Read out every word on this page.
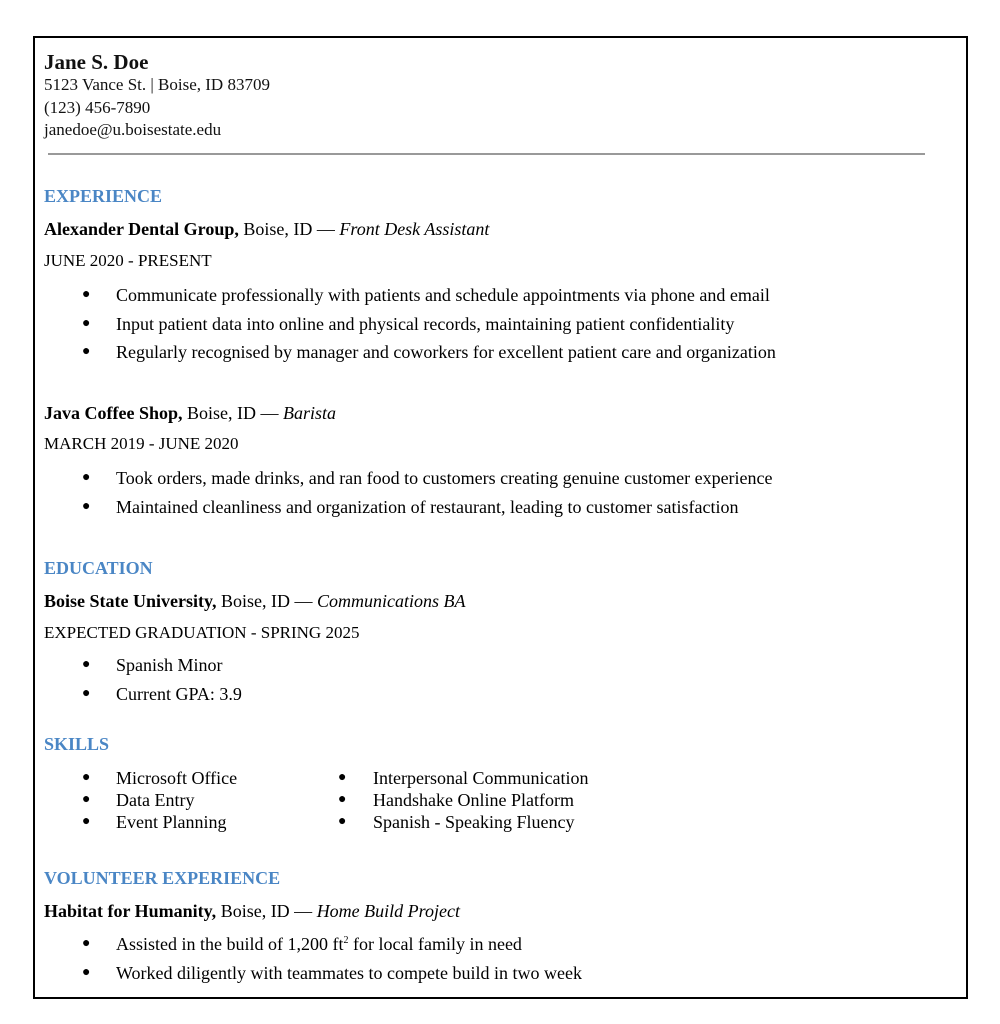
Jane S. Doe
5123 Vance St. | Boise, ID 83709
(123) 456-7890
janedoe@u.boisestate.edu
EXPERIENCE
Alexander Dental Group, Boise, ID — Front Desk Assistant
JUNE 2020 - PRESENT
● Communicate professionally with patients and schedule appointments via phone and email
● Input patient data into online and physical records, maintaining patient confidentiality
● Regularly recognised by manager and coworkers for excellent patient care and organization
Java Coffee Shop, Boise, ID — Barista
MARCH 2019 - JUNE 2020
● Took orders, made drinks, and ran food to customers creating genuine customer experience
● Maintained cleanliness and organization of restaurant, leading to customer satisfaction
EDUCATION
Boise State University, Boise, ID — Communications BA
EXPECTED GRADUATION - SPRING 2025
● Spanish Minor
● Current GPA: 3.9
SKILLS
● Microsoft Office
● Data Entry
● Event Planning
● Interpersonal Communication
● Handshake Online Platform
● Spanish - Speaking Fluency
VOLUNTEER EXPERIENCE
Habitat for Humanity, Boise, ID — Home Build Project
● Assisted in the build of 1,200 $ft^2$ for local family in need
● Worked diligently with teammates to compete build in two week
